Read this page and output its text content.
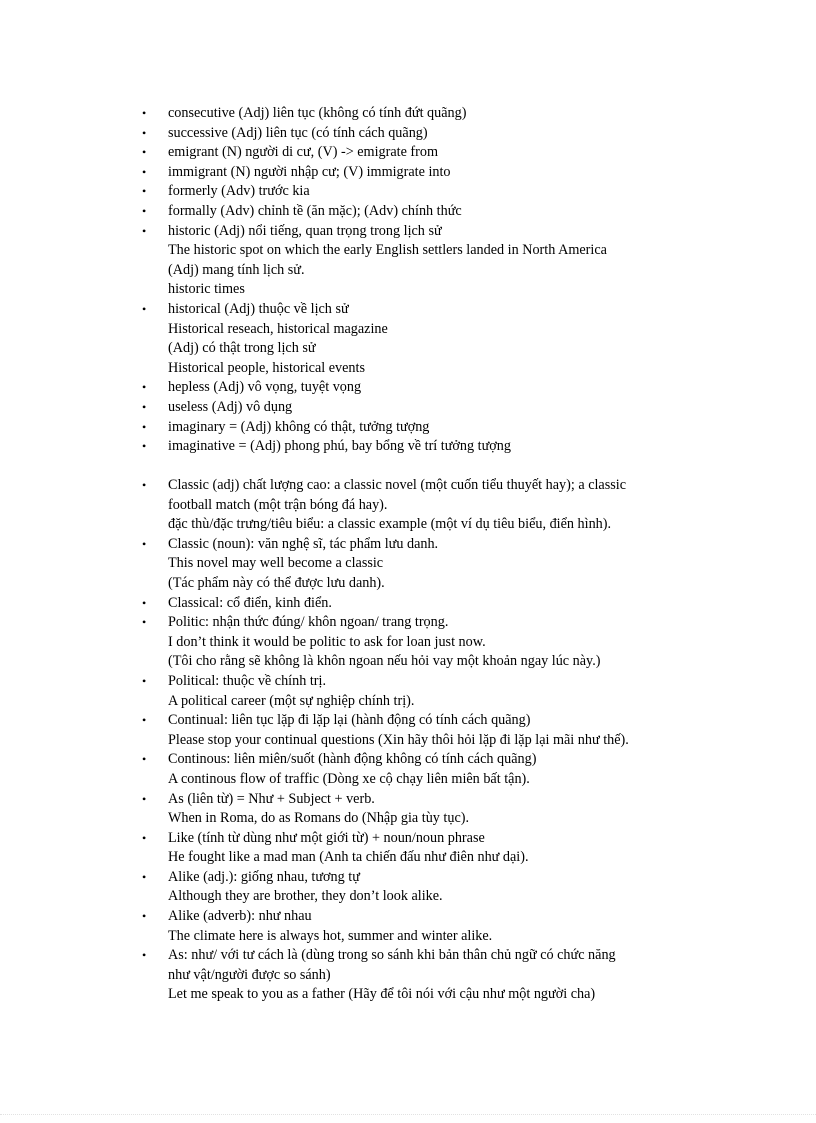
•	consecutive (Adj) liên tục (không có tính đứt quãng)
•	successive (Adj) liên tục (có tính cách quãng)
•	emigrant (N) người di cư, (V) -> emigrate from
•	immigrant (N) người nhập cư; (V) immigrate into
•	formerly (Adv) trước kia
•	formally (Adv) chỉnh tề (ăn mặc); (Adv) chính thức
•	historic (Adj) nổi tiếng, quan trọng trong lịch sử
The historic spot on which the early English settlers landed in North America
(Adj) mang tính lịch sử.
historic times
•	historical (Adj) thuộc về lịch sử
Historical reseach, historical magazine
(Adj) có thật trong lịch sử
Historical people, historical events
•	hepless (Adj) vô vọng, tuyệt vọng
•	useless (Adj) vô dụng
•	imaginary = (Adj) không có thật, tưởng tượng
•	imaginative = (Adj) phong phú, bay bổng về trí tưởng tượng
•	Classic (adj) chất lượng cao: a classic novel (một cuốn tiểu thuyết hay); a classic
football match (một trận bóng đá hay).
đặc thù/đặc trưng/tiêu biểu: a classic example (một ví dụ tiêu biểu, điển hình).
•	Classic (noun): văn nghệ sĩ, tác phẩm lưu danh.
This novel may well become a classic
(Tác phẩm này có thể được lưu danh).
•	Classical: cổ điển, kinh điển.
•	Politic: nhận thức đúng/ khôn ngoan/ trang trọng.
I don’t think it would be politic to ask for loan just now.
(Tôi cho rằng sẽ không là khôn ngoan nếu hỏi vay một khoản ngay lúc này.)
•	Political: thuộc về chính trị.
A political career (một sự nghiệp chính trị).
•	Continual: liên tục lặp đi lặp lại (hành động có tính cách quãng)
Please stop your continual questions (Xin hãy thôi hỏi lặp đi lặp lại mãi như thế).
•	Continous: liên miên/suốt (hành động không có tính cách quãng)
A continous flow of traffic (Dòng xe cộ chạy liên miên bất tận).
•	As (liên từ) = Như + Subject + verb.
When in Roma, do as Romans do (Nhập gia tùy tục).
•	Like (tính từ dùng như một giới từ) + noun/noun phrase
He fought like a mad man (Anh ta chiến đấu như điên như dại).
•	Alike (adj.): giống nhau, tương tự
Although they are brother, they don’t look alike.
•	Alike (adverb): như nhau
The climate here is always hot, summer and winter alike.
•	As: như/ với tư cách là (dùng trong so sánh khi bản thân chủ ngữ có chức năng
như vật/người được so sánh)
Let me speak to you as a father (Hãy để tôi nói với cậu như một người cha)
